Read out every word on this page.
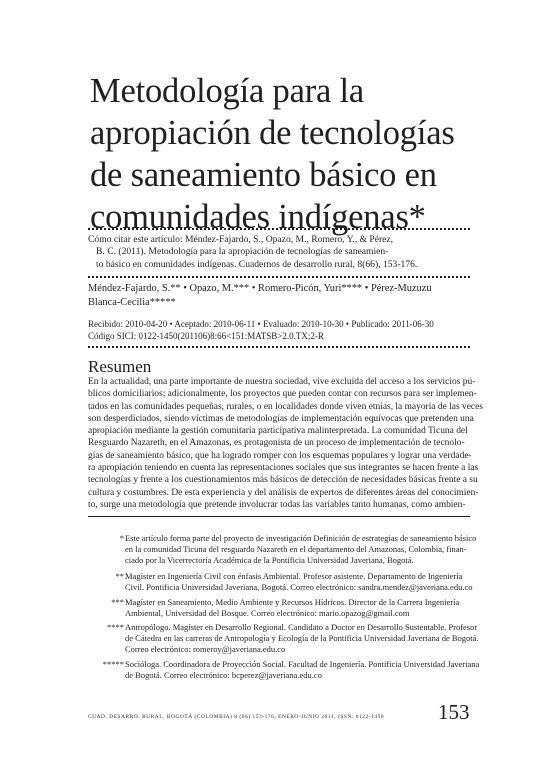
Metodología para la
apropiación de tecnologías
de saneamiento básico en
comunidades indígenas*
Cómo citar este artículo: Méndez-Fajardo, S., Opazo, M., Romero, Y., & Pérez,
B. C. (2011). Metodología para la apropiación de tecnologías de saneamien-
to básico en comunidades indígenas. Cuadernos de desarrollo rural, 8(66), 153-176.
Méndez-Fajardo, S.** • Opazo, M.*** • Romero-Picón, Yuri**** • Pérez-Muzuzu
Blanca-Cecilia*****
Recibido: 2010-04-20 • Aceptado: 2010-06-11 • Evaluado: 2010-10-30 • Publicado: 2011-06-30
Código SICI: 0122-1450(201106)8:66<151:MATSB>2.0.TX;2-R
Resumen
En la actualidad, una parte importante de nuestra sociedad, vive excluida del acceso a los servicios pú-
blicos domiciliarios; adicionalmente, los proyectos que pueden contar con recursos para ser implemen-
tados en las comunidades pequeñas, rurales, o en localidades donde viven etnias, la mayoría de las veces
son desperdiciados, siendo víctimas de metodologías de implementación equívocas que pretenden una
apropiación mediante la gestión comunitaria participativa malinterpretada. La comunidad Ticuna del
Resguardo Nazareth, en el Amazonas, es protagonista de un proceso de implementación de tecnolo-
gías de saneamiento básico, que ha logrado romper con los esquemas populares y lograr una verdade-
ra apropiación teniendo en cuenta las representaciones sociales que sus integrantes se hacen frente a las
tecnologías y frente a los cuestionamientos más básicos de detección de necesidades básicas frente a su
cultura y costumbres. De esta experiencia y del análisis de expertos de diferentes áreas del conocimien-
to, surge una metodología que pretende involucrar todas las variables tanto humanas, como ambien-
* Este artículo forma parte del proyecto de investigación Definición de estrategias de saneamiento básico
en la comunidad Ticuna del resguardo Nazareth en el departamento del Amazonas, Colombia, finan-
ciado por la Vicerrectoría Académica de la Pontificia Universidad Javeriana, Bogotá.
** Magíster en Ingeniería Civil con énfasis Ambiental. Profesor asistente. Departamento de Ingeniería
Civil. Pontificia Universidad Javeriana, Bogotá. Correo electrónico: sandra.mendez@javeriana.edu.co
*** Magíster en Saneamiento, Medio Ambiente y Recursos Hídricos. Director de la Carrera Ingeniería
Ambiental, Universidad del Bosque. Correo electrónico: mario.opazog@gmail.com
**** Antropólogo. Magíster en Desarrollo Regional. Candidato a Doctor en Desarrollo Sustentable. Profesor
de Cátedra en las carreras de Antropología y Ecología de la Pontificia Universidad Javeriana de Bogotá.
Correo electrónico: romeroy@javeriana.edu.co
***** Socióloga. Coordinadora de Proyección Social. Facultad de Ingeniería. Pontificia Universidad Javeriana
de Bogotá. Correo electrónico: bcperez@javeriana.edu.co
CUAD. DESARRO. RURAL, BOGOTÁ (COLOMBIA) 8 (66) 153-176, ENERO-JUNIO 2011, ISSN: 0122-1450	153
